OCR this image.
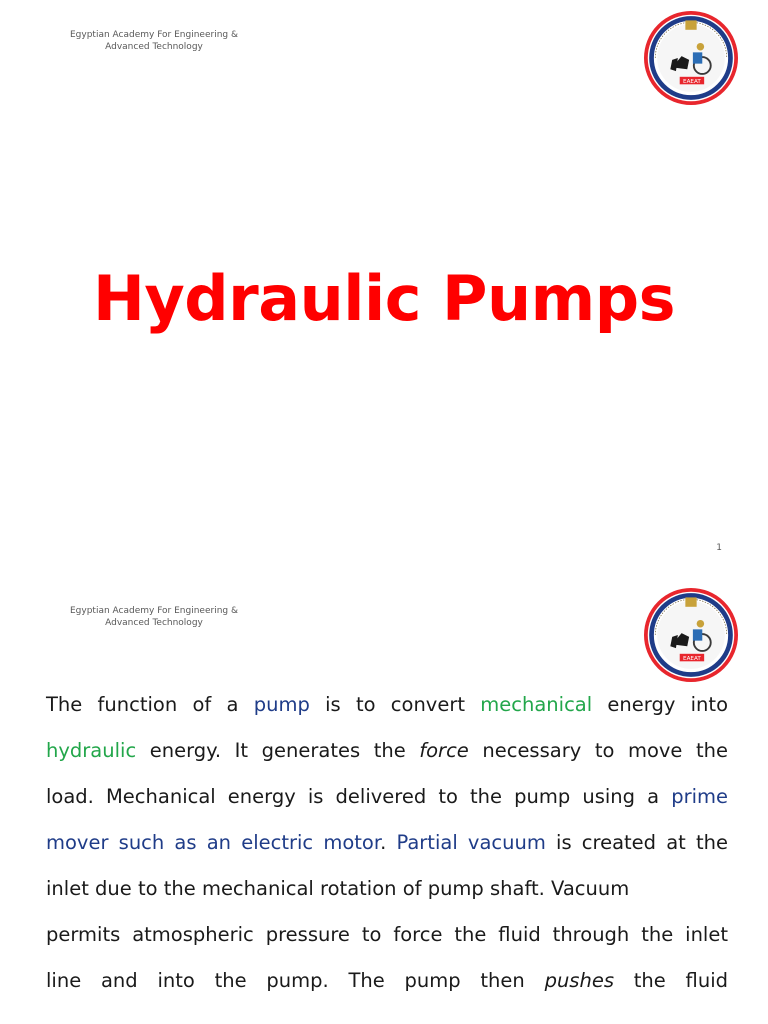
Egyptian Academy For Engineering & Advanced Technology
EAEAT
Hydraulic Pumps
1
Egyptian Academy For Engineering & Advanced Technology
EAEAT
The function of a pump is to convert mechanical energy into
hydraulic energy. It generates the force necessary to move the
load. Mechanical energy is delivered to the pump using a prime
mover such as an electric motor. Partial vacuum is created at the
inlet due to the mechanical rotation of pump shaft. Vacuum
permits atmospheric pressure to force the fluid through the inlet
line and into the pump. The pump then pushes the fluid
